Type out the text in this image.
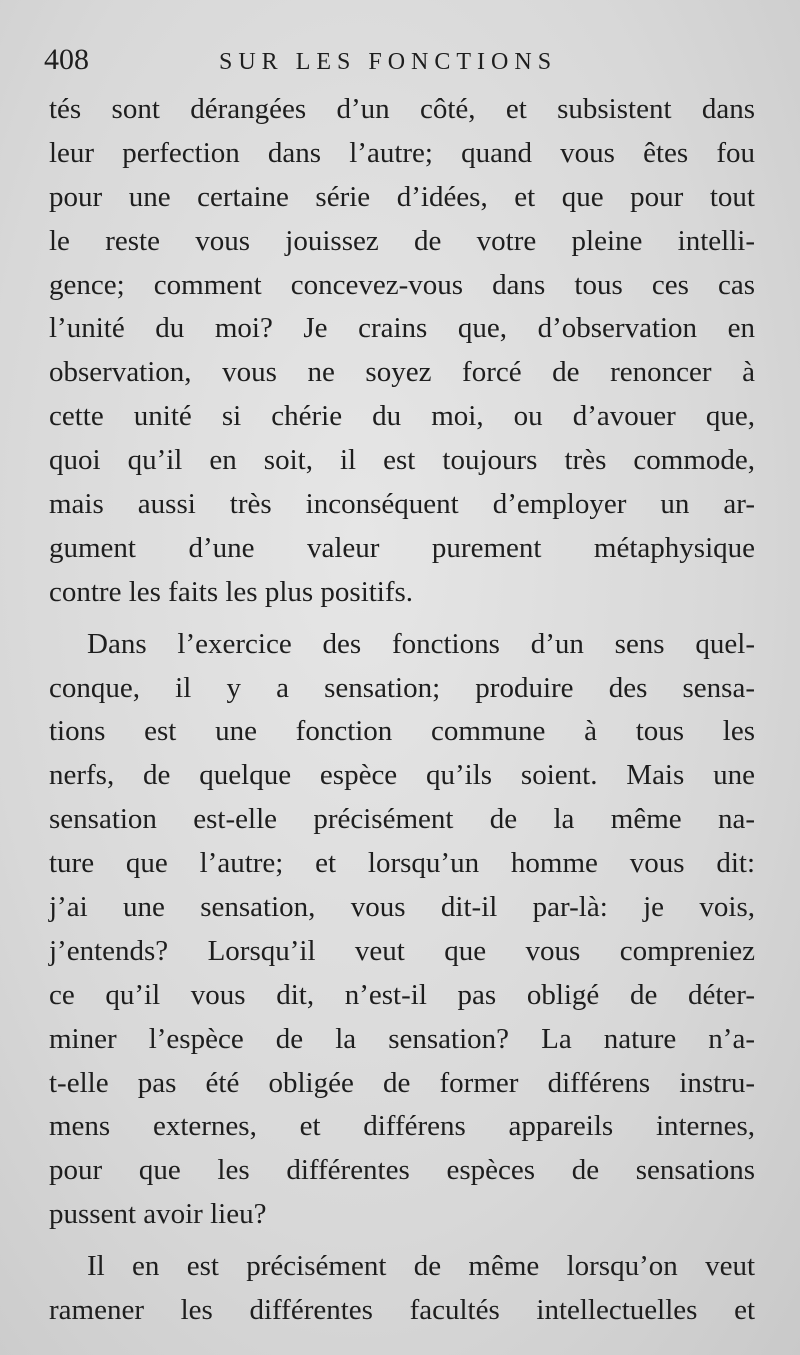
408	SUR LES FONCTIONS
tés sont dérangées d’un côté, et subsistent dans
leur perfection dans l’autre; quand vous êtes fou
pour une certaine série d’idées, et que pour tout
le reste vous jouissez de votre pleine intelli-
gence; comment concevez-vous dans tous ces cas
l’unité du moi? Je crains que, d’observation en
observation, vous ne soyez forcé de renoncer à
cette unité si chérie du moi, ou d’avouer que,
quoi qu’il en soit, il est toujours très commode,
mais aussi très inconséquent d’employer un ar-
gument d’une valeur purement métaphysique
contre les faits les plus positifs.
Dans l’exercice des fonctions d’un sens quel-
conque, il y a sensation; produire des sensa-
tions est une fonction commune à tous les
nerfs, de quelque espèce qu’ils soient. Mais une
sensation est-elle précisément de la même na-
ture que l’autre; et lorsqu’un homme vous dit:
j’ai une sensation, vous dit-il par-là: je vois,
j’entends? Lorsqu’il veut que vous compreniez
ce qu’il vous dit, n’est-il pas obligé de déter-
miner l’espèce de la sensation? La nature n’a-
t-elle pas été obligée de former différens instru-
mens externes, et différens appareils internes,
pour que les différentes espèces de sensations
pussent avoir lieu?
Il en est précisément de même lorsqu’on veut
ramener les différentes facultés intellectuelles et
